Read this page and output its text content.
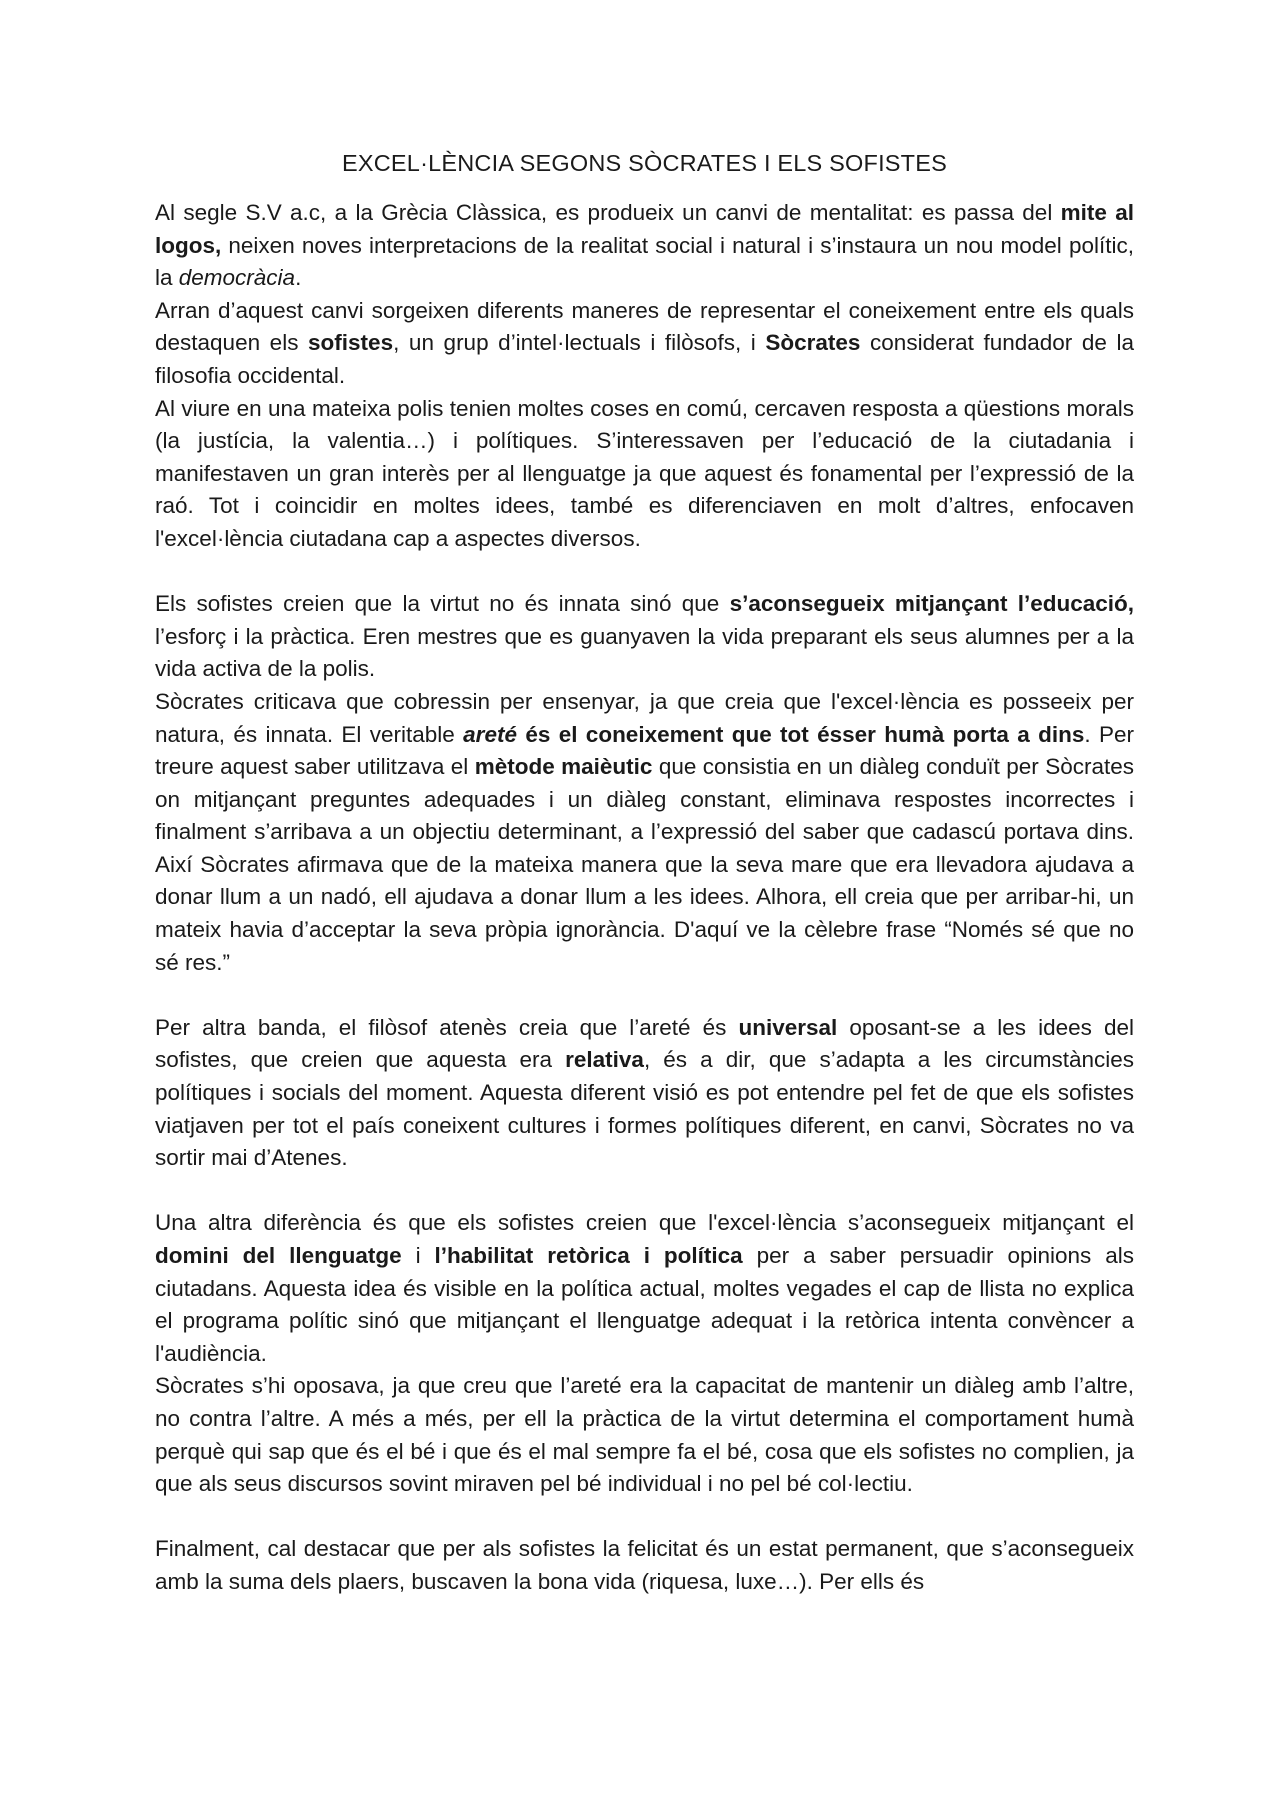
EXCEL·LÈNCIA SEGONS SÒCRATES I ELS SOFISTES

Al segle S.V a.c, a la Grècia Clàssica, es produeix un canvi de mentalitat: es passa del mite al logos, neixen noves interpretacions de la realitat social i natural i s’instaura un nou model polític, la democràcia.

Arran d’aquest canvi sorgeixen diferents maneres de representar el coneixement entre els quals destaquen els sofistes, un grup d’intel·lectuals i filòsofs, i Sòcrates considerat fundador de la filosofia occidental.

Al viure en una mateixa polis tenien moltes coses en comú, cercaven resposta a qüestions morals (la justícia, la valentia…) i polítiques. S’interessaven per l’educació de la ciutadania i manifestaven un gran interès per al llenguatge ja que aquest és fonamental per l’expressió de la raó. Tot i coincidir en moltes idees, també es diferenciaven en molt d’altres, enfocaven l'excel·lència ciutadana cap a aspectes diversos.

Els sofistes creien que la virtut no és innata sinó que s’aconsegueix mitjançant l’educació, l’esforç i la pràctica. Eren mestres que es guanyaven la vida preparant els seus alumnes per a la vida activa de la polis.

Sòcrates criticava que cobressin per ensenyar, ja que creia que l'excel·lència es posseeix per natura, és innata. El veritable areté és el coneixement que tot ésser humà porta a dins. Per treure aquest saber utilitzava el mètode maièutic que consistia en un diàleg conduït per Sòcrates on mitjançant preguntes adequades i un diàleg constant, eliminava respostes incorrectes i finalment s’arribava a un objectiu determinant, a l’expressió del saber que cadascú portava dins. Així Sòcrates afirmava que de la mateixa manera que la seva mare que era llevadora ajudava a donar llum a un nadó, ell ajudava a donar llum a les idees. Alhora, ell creia que per arribar-hi, un mateix havia d’acceptar la seva pròpia ignorància. D'aquí ve la cèlebre frase “Només sé que no sé res.”

Per altra banda, el filòsof atenès creia que l’areté és universal oposant-se a les idees del sofistes, que creien que aquesta era relativa, és a dir, que s’adapta a les circumstàncies polítiques i socials del moment. Aquesta diferent visió es pot entendre pel fet de que els sofistes viatjaven per tot el país coneixent cultures i formes polítiques diferent, en canvi, Sòcrates no va sortir mai d’Atenes.

Una altra diferència és que els sofistes creien que l'excel·lència s’aconsegueix mitjançant el domini del llenguatge i l’habilitat retòrica i política per a saber persuadir opinions als ciutadans. Aquesta idea és visible en la política actual, moltes vegades el cap de llista no explica el programa polític sinó que mitjançant el llenguatge adequat i la retòrica intenta convèncer a l'audiència.

Sòcrates s’hi oposava, ja que creu que l’areté era la capacitat de mantenir un diàleg amb l’altre, no contra l’altre. A més a més, per ell la pràctica de la virtut determina el comportament humà perquè qui sap que és el bé i que és el mal sempre fa el bé, cosa que els sofistes no complien, ja que als seus discursos sovint miraven pel bé individual i no pel bé col·lectiu.

Finalment, cal destacar que per als sofistes la felicitat és un estat permanent, que s’aconsegueix amb la suma dels plaers, buscaven la bona vida (riquesa, luxe…). Per ells és
